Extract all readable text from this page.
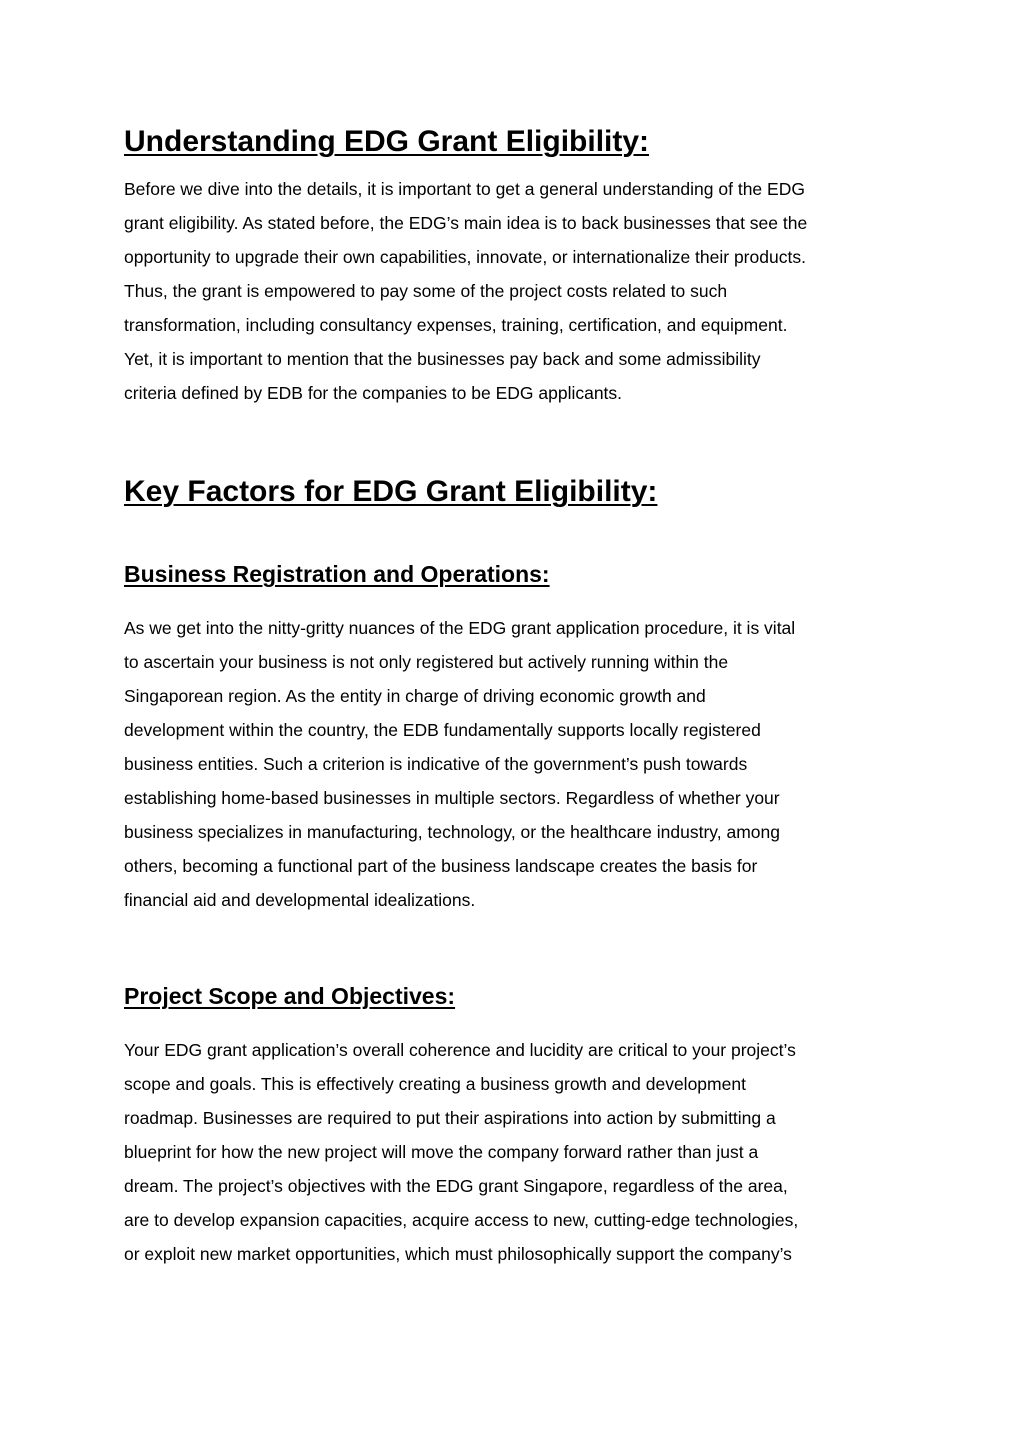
Understanding EDG Grant Eligibility:
Before we dive into the details, it is important to get a general understanding of the EDG
grant eligibility. As stated before, the EDG’s main idea is to back businesses that see the
opportunity to upgrade their own capabilities, innovate, or internationalize their products.
Thus, the grant is empowered to pay some of the project costs related to such
transformation, including consultancy expenses, training, certification, and equipment.
Yet, it is important to mention that the businesses pay back and some admissibility
criteria defined by EDB for the companies to be EDG applicants.
Key Factors for EDG Grant Eligibility:
Business Registration and Operations:
As we get into the nitty-gritty nuances of the EDG grant application procedure, it is vital
to ascertain your business is not only registered but actively running within the
Singaporean region. As the entity in charge of driving economic growth and
development within the country, the EDB fundamentally supports locally registered
business entities. Such a criterion is indicative of the government’s push towards
establishing home-based businesses in multiple sectors. Regardless of whether your
business specializes in manufacturing, technology, or the healthcare industry, among
others, becoming a functional part of the business landscape creates the basis for
financial aid and developmental idealizations.
Project Scope and Objectives:
Your EDG grant application’s overall coherence and lucidity are critical to your project’s
scope and goals. This is effectively creating a business growth and development
roadmap. Businesses are required to put their aspirations into action by submitting a
blueprint for how the new project will move the company forward rather than just a
dream. The project’s objectives with the EDG grant Singapore, regardless of the area,
are to develop expansion capacities, acquire access to new, cutting-edge technologies,
or exploit new market opportunities, which must philosophically support the company’s
